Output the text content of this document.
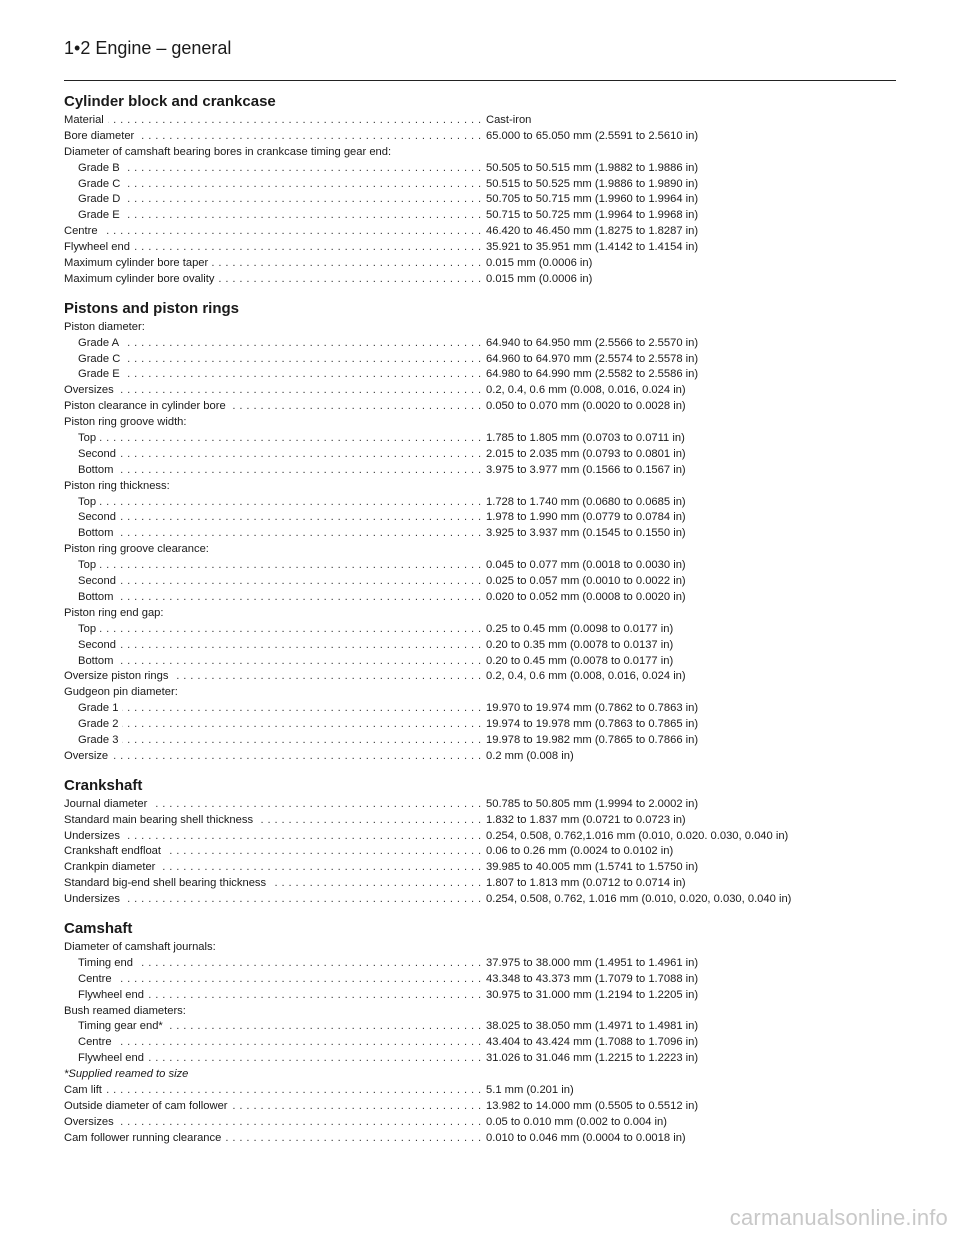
1•2 Engine – general
Cylinder block and crankcase
Material . . .	Cast-iron
Bore diameter . . .	65.000 to 65.050 mm (2.5591 to 2.5610 in)
Diameter of camshaft bearing bores in crankcase timing gear end:
Grade B . . .	50.505 to 50.515 mm (1.9882 to 1.9886 in)
Grade C . . .	50.515 to 50.525 mm (1.9886 to 1.9890 in)
Grade D . . .	50.705 to 50.715 mm (1.9960 to 1.9964 in)
Grade E . . .	50.715 to 50.725 mm (1.9964 to 1.9968 in)
Centre . . .	46.420 to 46.450 mm (1.8275 to 1.8287 in)
Flywheel end . . .	35.921 to 35.951 mm (1.4142 to 1.4154 in)
Maximum cylinder bore taper . . .	0.015 mm (0.0006 in)
Maximum cylinder bore ovality . . .	0.015 mm (0.0006 in)
Pistons and piston rings
Piston diameter:
Grade A . . .	64.940 to 64.950 mm (2.5566 to 2.5570 in)
Grade C . . .	64.960 to 64.970 mm (2.5574 to 2.5578 in)
Grade E . . .	64.980 to 64.990 mm (2.5582 to 2.5586 in)
Oversizes . . .	0.2, 0.4, 0.6 mm (0.008, 0.016, 0.024 in)
Piston clearance in cylinder bore . . .	0.050 to 0.070 mm (0.0020 to 0.0028 in)
Piston ring groove width:
Top . . .	1.785 to 1.805 mm (0.0703 to 0.0711 in)
Second . . .	2.015 to 2.035 mm (0.0793 to 0.0801 in)
Bottom . . .	3.975 to 3.977 mm (0.1566 to 0.1567 in)
Piston ring thickness:
Top . . .	1.728 to 1.740 mm (0.0680 to 0.0685 in)
Second . . .	1.978 to 1.990 mm (0.0779 to 0.0784 in)
Bottom . . .	3.925 to 3.937 mm (0.1545 to 0.1550 in)
Piston ring groove clearance:
Top . . .	0.045 to 0.077 mm (0.0018 to 0.0030 in)
Second . . .	0.025 to 0.057 mm (0.0010 to 0.0022 in)
Bottom . . .	0.020 to 0.052 mm (0.0008 to 0.0020 in)
Piston ring end gap:
Top . . .	0.25 to 0.45 mm (0.0098 to 0.0177 in)
Second . . .	0.20 to 0.35 mm (0.0078 to 0.0137 in)
Bottom . . .	0.20 to 0.45 mm (0.0078 to 0.0177 in)
Oversize piston rings . . .	0.2, 0.4, 0.6 mm (0.008, 0.016, 0.024 in)
Gudgeon pin diameter:
Grade 1 . . .	19.970 to 19.974 mm (0.7862 to 0.7863 in)
Grade 2 . . .	19.974 to 19.978 mm (0.7863 to 0.7865 in)
Grade 3 . . .	19.978 to 19.982 mm (0.7865 to 0.7866 in)
Oversize . . .	0.2 mm (0.008 in)
Crankshaft
Journal diameter . . .	50.785 to 50.805 mm (1.9994 to 2.0002 in)
Standard main bearing shell thickness . . .	1.832 to 1.837 mm (0.0721 to 0.0723 in)
Undersizes . . .	0.254, 0.508, 0.762,1.016 mm (0.010, 0.020. 0.030, 0.040 in)
Crankshaft endfloat . . .	0.06 to 0.26 mm (0.0024 to 0.0102 in)
Crankpin diameter . . .	39.985 to 40.005 mm (1.5741 to 1.5750 in)
Standard big-end shell bearing thickness . . .	1.807 to 1.813 mm (0.0712 to 0.0714 in)
Undersizes . . .	0.254, 0.508, 0.762, 1.016 mm (0.010, 0.020, 0.030, 0.040 in)
Camshaft
Diameter of camshaft journals:
Timing end . . .	37.975 to 38.000 mm (1.4951 to 1.4961 in)
Centre . . .	43.348 to 43.373 mm (1.7079 to 1.7088 in)
Flywheel end . . .	30.975 to 31.000 mm (1.2194 to 1.2205 in)
Bush reamed diameters:
Timing gear end* . . .	38.025 to 38.050 mm (1.4971 to 1.4981 in)
Centre . . .	43.404 to 43.424 mm (1.7088 to 1.7096 in)
Flywheel end . . .	31.026 to 31.046 mm (1.2215 to 1.2223 in)
*Supplied reamed to size
Cam lift . . .	5.1 mm (0.201 in)
Outside diameter of cam follower . . .	13.982 to 14.000 mm (0.5505 to 0.5512 in)
Oversizes . . .	0.05 to 0.010 mm (0.002 to 0.004 in)
Cam follower running clearance . . .	0.010 to 0.046 mm (0.0004 to 0.0018 in)
carmanualsonline.info
